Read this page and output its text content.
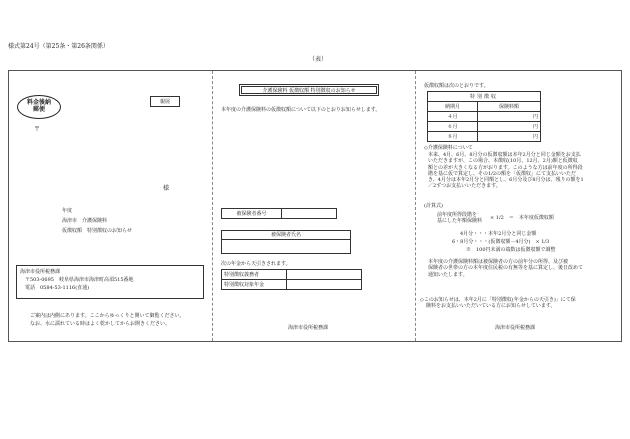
様式第24号（第25条・第26条関係）
（表）
料金後納
郵便
〒
親展
様
年度
海津市　介護保険料
仮徴収額　特別徴収のお知らせ
海津市役所税務課
〒503-0695　岐阜県海津市海津町高須515番地
電話　0584-53-1116(直通)
ご案内は内側にあります。ここからゆっくりと開いて御覧ください。
なお、水に濡れている時はよく乾かしてからお開きください。
介護保険料 仮徴収額 特別徴収のお知らせ
本年度の介護保険料の仮徴収額について以下のとおりお知らせします。
被保険者番号	
被保険者氏名
次の年金から天引きされます。
特別徴収義務者	
特別徴収対象年金	
海津市役所税務課
仮徴収額は次のとおりです。
特別徴収	
納期月	保険料額
４月	円
６月	円
８月	円
◇介護保険料について
本来、4月、6月、8月分の仮徴収額は本年2月分と同じ金額をお支払
いただきますが、この場合、本徴収(10月、12月、2月)額と仮徴収
額との差が大きくなる方がおります。このような方は前年度の所得段
階を基に仮で算定し、その1/2の額を「仮徴収」にて支払いいただ
き、4月分は本年2月分と同額とし、6月分及び8月分は、残りの額を1
／2ずつお支払いいただきます。
(計算式)
前年度所得段階を
基にした年額保険料 × 1/2　＝　本年度仮徴収額
4月分・・・本年2月分と同じ金額
6・8月分・・・(仮徴収額－4月分)　× 1/3
※　100円未満の端数は仮徴収額で調整
本年度の介護保険料額は被保険者の方の前年分の所得、及び被
保険者の世帯の方の本年度住民税の有無等を基に算定し、後日改めて
通知いたします。
◇このお知らせは、本年2月に「特別徴収(年金からの天引き)」にて保
険料をお支払いいただいている方にお知らせしています。
海津市役所税務課
